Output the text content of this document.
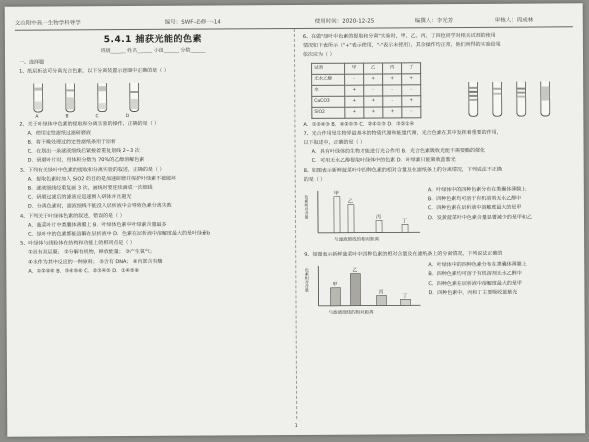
文山附中高一生物学科导学	编号：SWF-必修一-14	使用时间：2020-12-25	编撰人：李光芳	审核人：周成林
5.4.1 捕获光能的色素
班级______ 姓名______ 小组______ 分数______

一、选择题

1、纸层析法可分离光合色素，以下分离装置示意图中正确的是（ ）

A	B	C	D

2、关于叶绿体中色素的提取和分离实验的操作，正确的是（ ）

A．使用定性滤纸过滤研磨液

B．将干燥处理过的定性滤纸条用于层析

C．在划出一条滤液细线后紧接着重复划线 2~3 次

D．研磨叶片时，用体积分数为 70%的乙醇溶解色素

3、下列有关绿叶中色素的提取和分离实验的叙述，正确的是（ ）

A．提取色素时加入 SiO2 的目的是加速研磨并保护叶绿素不被破坏

B．滤液细线经重复画 3 次，画线时要连续画成一次细线

C．研磨过滤后的滤液应迅速倒入研钵并且避光

D．分离色素时，滤液细线不能没入层析液中会导致色素分离失败

4、下列关于叶绿体色素的叙述，错误的是（ ）

A．菠菜叶片中类囊体薄膜上 B．叶绿体色素中叶绿素含量最多

C．绿叶中的色素都能溶解在层析液中 D．色素在层析液中溶解度最大的是叶绿素b

5、叶绿体与线粒体在结构和功能上的相同点是（ ）

①具有双层膜； ②分解有机物，释放能量； ③产生氧气；

④水作为其中反应的一种原料； ⑤含有 DNA； ⑥内部含有酶

A．①②④⑥ B．③④⑤⑥ C．②③④⑤ D．①④⑤⑥

6、在做"绿叶中色素的提取和分离"实验时，甲、乙、丙、丁四位同学对相关试剂的使用

情况如下表所示（"+"表示使用，"-"表示未使用），其余操作均正常，他们所得的实验结果

依次应为（ ）

试剂	甲	乙	丙	丁
无水乙醇	-	+	+	+
水	+	-	-	-
CaCO3	+	+	-	+
SiO2	+	+	+	-

A．①②④③ B．④②①③ C．②④①③ D．③②①④

7、光合作用是生物界最基本的物质代谢和能量代谢，光合色素在其中发挥着重要的作用，

以下叙述中，正确的是（ ）

A．具有叶绿体的生物才能进行光合作用 B．光合色素吸收光能不需要酶的催化

C．可用无水乙醇提取叶绿体中的色素 D．叶绿素只能吸收蓝紫光

8、如图表示新鲜菠菜叶中四种色素的相对含量及在滤纸条上的分离情况，下列说法不正确

的是（ ）

甲
乙
丙
丁
与滤液细线的相对距离
色素相对含量

A．叶绿体中的四种色素分布在类囊体薄膜上

B．四种色素均可溶于有机溶剂无水乙醇中

C．四种色素在层析液中溶解度最大的是甲

D．发黄菠菜叶中色素含量显著减少的是甲和乙

9、如图表示新鲜菠菜叶中四种色素的相对含量及在滤纸条上的分离情况，下列说法正确的

甲
乙
丙
丁
与滤液细线的相对距离
色素相对含量

A．叶绿体中的四种色素分布在类囊体薄膜上

B．四种色素均可溶于有机溶剂无水乙醇中

C．四种色素在层析液中溶解度最大的是甲

D．四种色素中，丙和丁主要吸收蓝紫光

1
